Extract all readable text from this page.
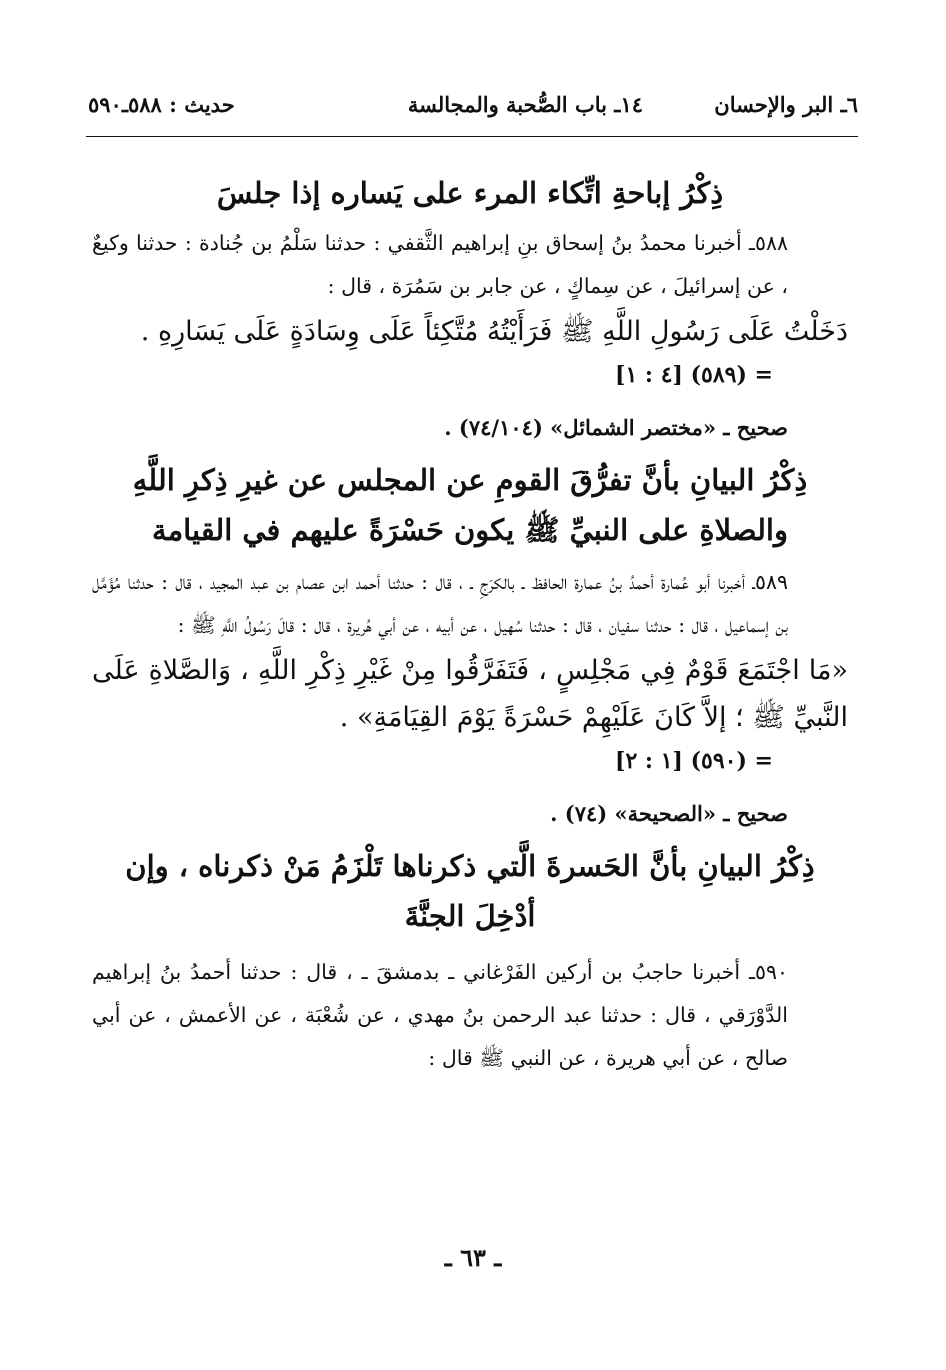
٦ـ البر والإحسان
١٤ـ باب الصُّحبة والمجالسة
حديث : ٥٨٨ـ٥٩٠
ذِكْرُ إباحةِ اتِّكاء المرء على يَساره إذا جلسَ
٥٨٨ـ أخبرنا محمدُ بنُ إسحاق بنِ إبراهيم الثَّقفي : حدثنا سَلْمُ بن جُنادة : حدثنا وكيعٌ ، عن إسرائيلَ ، عن سِماكٍ ، عن جابر بن سَمُرَة ، قال :
دَخَلْتُ عَلَى رَسُولِ اللَّهِ ﷺ فَرَأَيْتُهُ مُتَّكِئاً عَلَى وِسَادَةٍ عَلَى يَسَارِهِ .
= (٥٨٩) [٤ : ١]
صحيح ـ «مختصر الشمائل» (٧٤/١٠٤) .
ذِكْرُ البيانِ بأنَّ تفرُّقَ القومِ عن المجلس عن غيرِ ذِكرِ اللَّهِ والصلاةِ على النبيِّ ﷺ يكون حَسْرَةً عليهم في القيامة
٥٨٩ـ أخبرنا أبو عُمارة أحمدُ بنُ عمارة الحافظ ـ بالكرَجِ ـ ، قال : حدثنا أحمد ابن عصام بن عبد المجيد ، قال : حدثنا مُؤَمَّل بن إسماعيل ، قال : حدثنا سفيان ، قال : حدثنا سُهيل ، عن أبيه ، عن أبي هُريرة ، قال : قالَ رَسُولُ اللَّهِ ﷺ :
«مَا اجْتَمَعَ قَوْمٌ فِي مَجْلِسٍ ، فَتَفَرَّقُوا مِنْ غَيْرِ ذِكْرِ اللَّهِ ، وَالصَّلاةِ عَلَى النَّبيِّ ﷺ ؛ إلاَّ كَانَ عَلَيْهِمْ حَسْرَةً يَوْمَ القِيَامَةِ» .
= (٥٩٠) [١ : ٢]
صحيح ـ «الصحيحة» (٧٤) .
ذِكْرُ البيانِ بأنَّ الحَسرةَ الَّتي ذكرناها تَلْزَمُ مَنْ ذكرناه ، وإن أدْخِلَ الجنَّةَ
٥٩٠ـ أخبرنا حاجبُ بن أركين الفَرْغاني ـ بدمشقَ ـ ، قال : حدثنا أحمدُ بنُ إبراهيم الدَّوْرَقي ، قال : حدثنا عبد الرحمن بنُ مهدي ، عن شُعْبَة ، عن الأعمش ، عن أبي صالح ، عن أبي هريرة ، عن النبي ﷺ قال :
ـ ٦٣ ـ
